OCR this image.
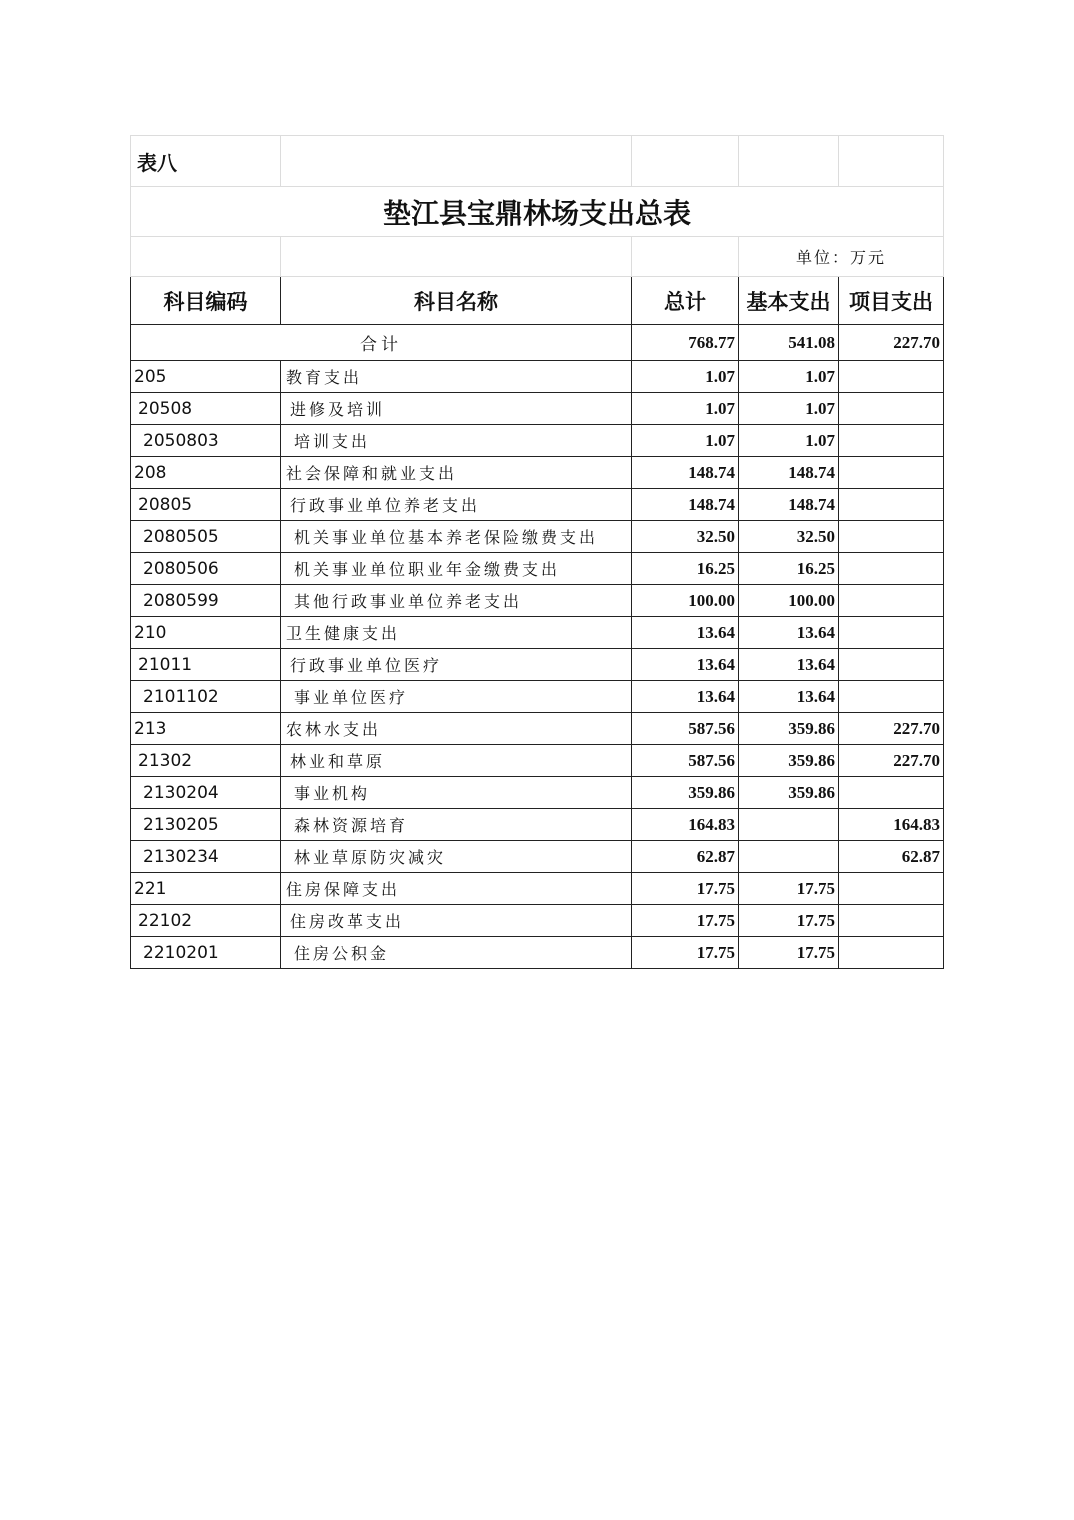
表八				
垫江县宝鼎林场支出总表				
			单位：万元	
科目编码	科目名称	总计	基本支出	项目支出
合计		768.77	541.08	227.70
205	教育支出	1.07	1.07	
20508	进修及培训	1.07	1.07	
2050803	培训支出	1.07	1.07	
208	社会保障和就业支出	148.74	148.74	
20805	行政事业单位养老支出	148.74	148.74	
2080505	机关事业单位基本养老保险缴费支出	32.50	32.50	
2080506	机关事业单位职业年金缴费支出	16.25	16.25	
2080599	其他行政事业单位养老支出	100.00	100.00	
210	卫生健康支出	13.64	13.64	
21011	行政事业单位医疗	13.64	13.64	
2101102	事业单位医疗	13.64	13.64	
213	农林水支出	587.56	359.86	227.70
21302	林业和草原	587.56	359.86	227.70
2130204	事业机构	359.86	359.86	
2130205	森林资源培育	164.83		164.83
2130234	林业草原防灾减灾	62.87		62.87
221	住房保障支出	17.75	17.75	
22102	住房改革支出	17.75	17.75	
2210201	住房公积金	17.75	17.75	
